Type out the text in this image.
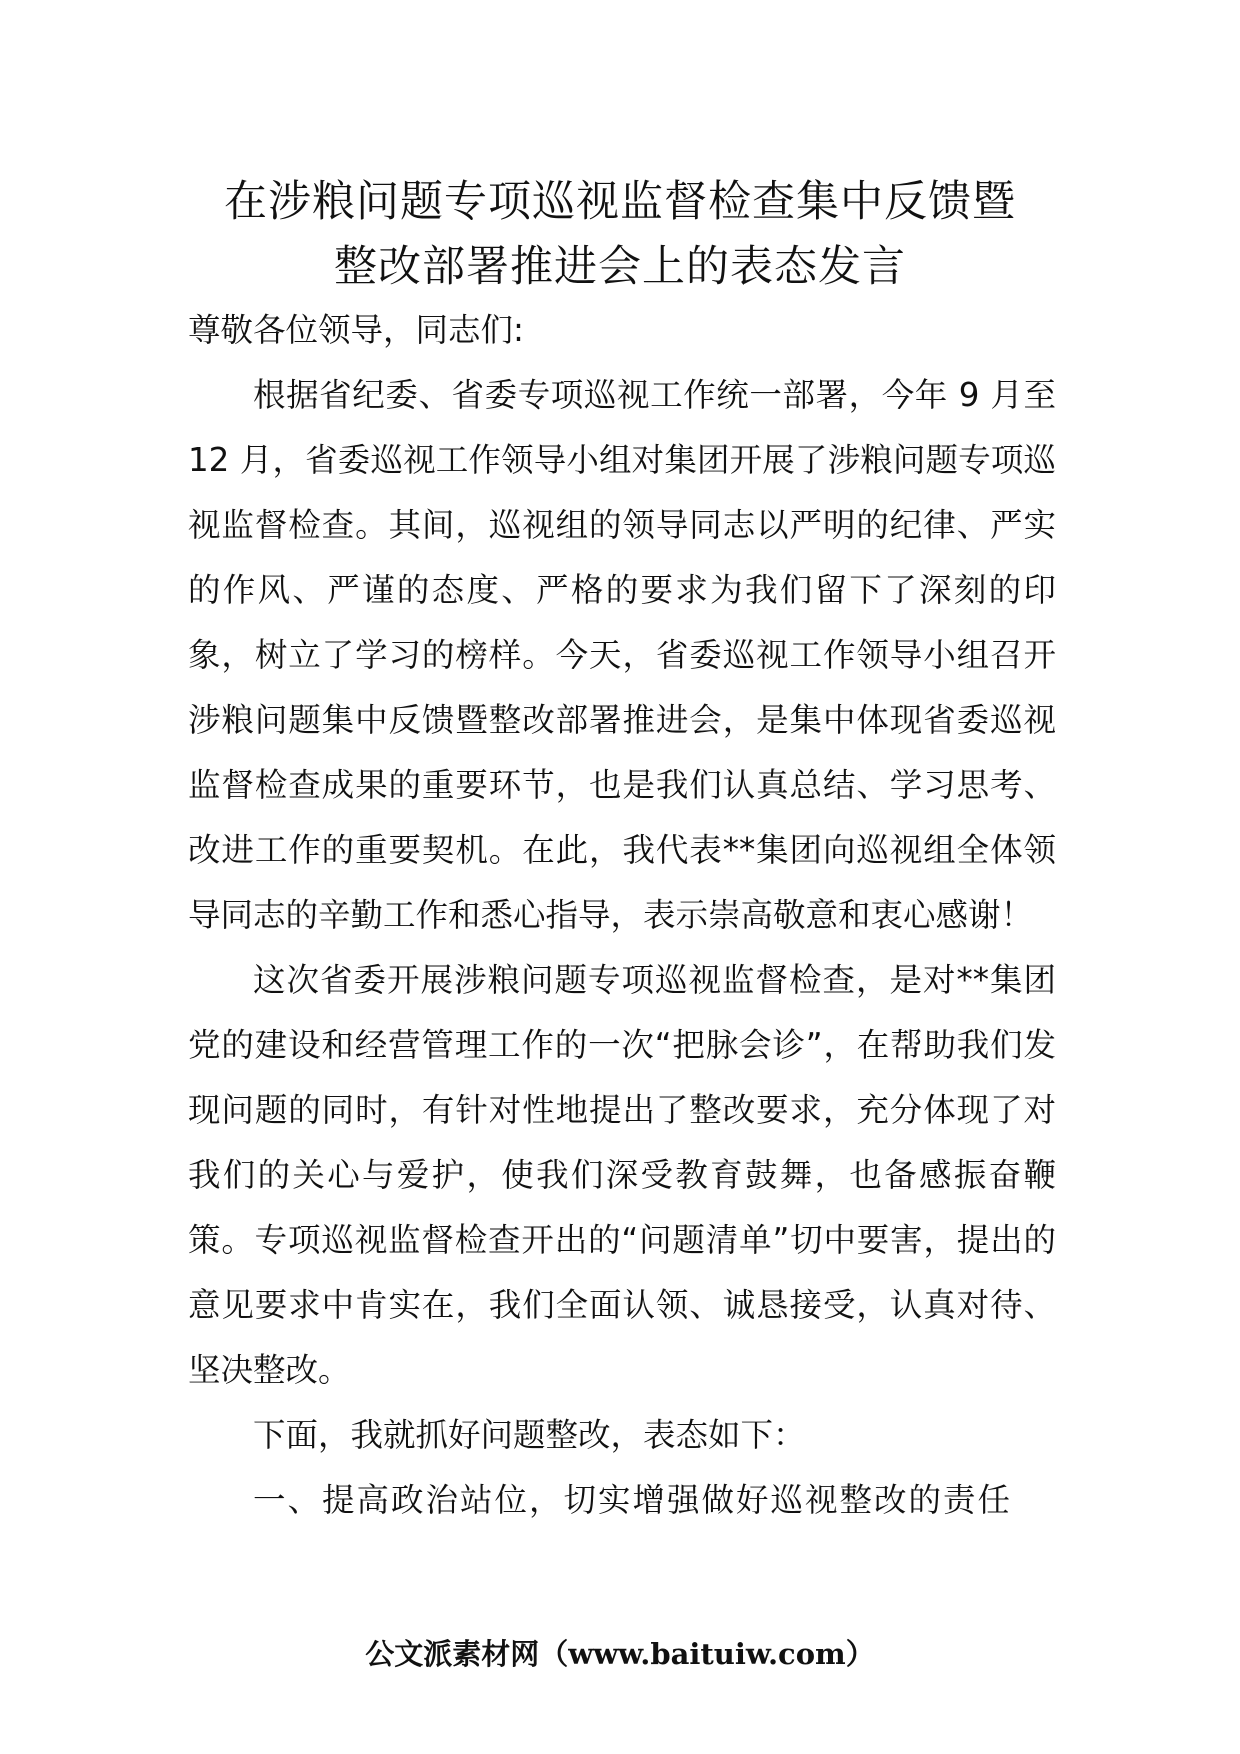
在涉粮问题专项巡视监督检查集中反馈暨
整改部署推进会上的表态发言

尊敬各位领导，同志们:

根据省纪委、省委专项巡视工作统一部署，今年 9 月至 12 月，省委巡视工作领导小组对集团开展了涉粮问题专项巡视监督检查。其间，巡视组的领导同志以严明的纪律、严实的作风、严谨的态度、严格的要求为我们留下了深刻的印象，树立了学习的榜样。今天，省委巡视工作领导小组召开涉粮问题集中反馈暨整改部署推进会，是集中体现省委巡视监督检查成果的重要环节，也是我们认真总结、学习思考、改进工作的重要契机。在此，我代表**集团向巡视组全体领导同志的辛勤工作和悉心指导，表示崇高敬意和衷心感谢！

这次省委开展涉粮问题专项巡视监督检查，是对**集团党的建设和经营管理工作的一次“把脉会诊”，在帮助我们发现问题的同时，有针对性地提出了整改要求，充分体现了对我们的关心与爱护，使我们深受教育鼓舞，也备感振奋鞭策。专项巡视监督检查开出的“问题清单”切中要害，提出的意见要求中肯实在，我们全面认领、诚恳接受，认真对待、坚决整改。

下面，我就抓好问题整改，表态如下：

一、提高政治站位，切实增强做好巡视整改的责任

公文派素材网（www.baituiw.com）
